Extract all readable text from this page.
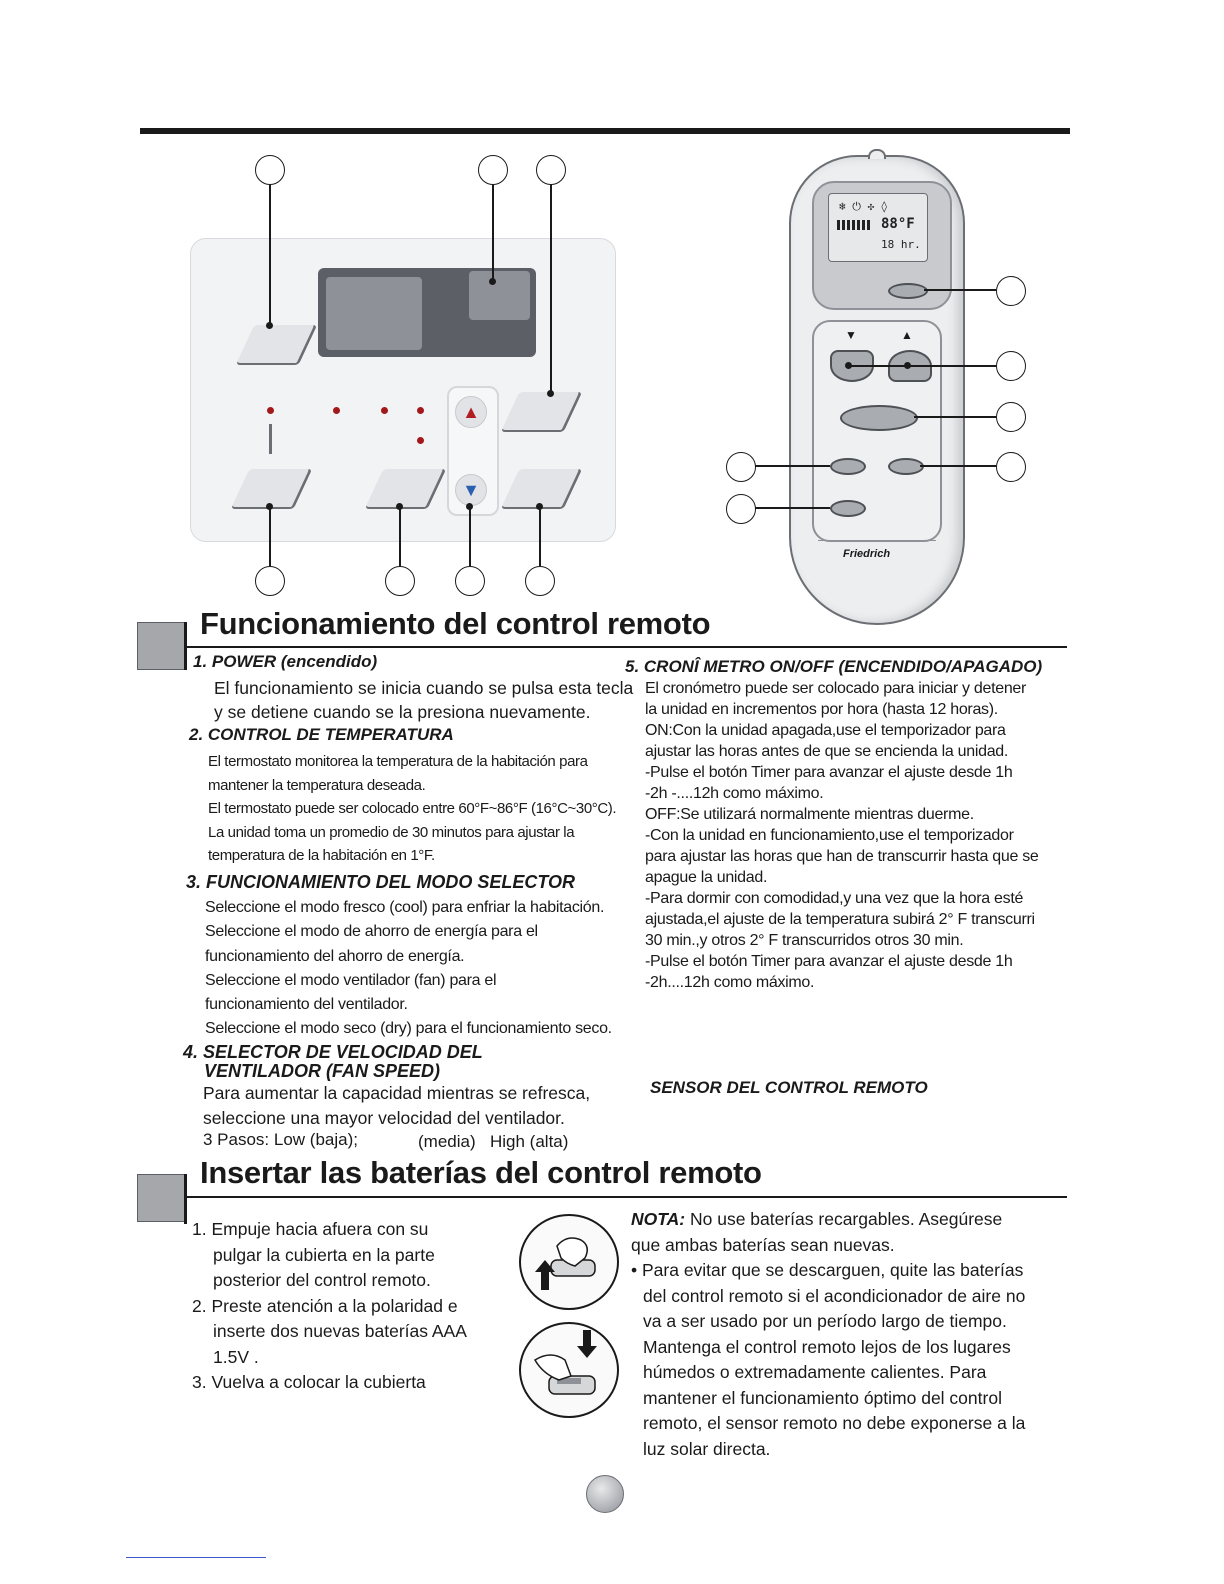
▲
▼
❄ ⏻ ✣ ◊
88°F
18 hr.
▼	▲
Friedrich
Funcionamiento del control remoto
1. POWER (encendido)
El funcionamiento se inicia cuando se pulsa esta tecla
y se detiene cuando se la presiona nuevamente.
2. CONTROL DE TEMPERATURA
El termostato monitorea la temperatura de la habitación para
mantener la temperatura deseada.
El termostato puede ser colocado entre 60°F~86°F (16°C~30°C).
La unidad toma un promedio de 30 minutos para ajustar la
temperatura de la habitación en 1°F.
3. FUNCIONAMIENTO DEL MODO SELECTOR
Seleccione el modo fresco (cool) para enfriar la habitación.
Seleccione el modo de ahorro de energía para el
funcionamiento del ahorro de energía.
Seleccione el modo ventilador (fan) para el
funcionamiento del ventilador.
Seleccione el modo seco (dry) para el funcionamiento seco.
4. SELECTOR DE VELOCIDAD DEL
VENTILADOR (FAN SPEED)
Para aumentar la capacidad mientras se refresca,
seleccione una mayor velocidad del ventilador.
3 Pasos: Low (baja);	(media) High (alta)
5. CRONÎ METRO ON/OFF (ENCENDIDO/APAGADO)
El cronómetro puede ser colocado para iniciar y detener
la unidad en incrementos por hora (hasta 12 horas).
ON:Con la unidad apagada,use el temporizador para
ajustar las horas antes de que se encienda la unidad.
-Pulse el botón Timer para avanzar el ajuste desde 1h
-2h -....12h como máximo.
OFF:Se utilizará normalmente mientras duerme.
-Con la unidad en funcionamiento,use el temporizador
para ajustar las horas que han de transcurrir hasta que se
apague la unidad.
-Para dormir con comodidad,y una vez que la hora esté
ajustada,el ajuste de la temperatura subirá 2° F transcurri
30 min.,y otros 2° F transcurridos otros 30 min.
-Pulse el botón Timer para avanzar el ajuste desde 1h
-2h....12h como máximo.
SENSOR DEL CONTROL REMOTO
Insertar las baterías del control remoto
1. Empuje hacia afuera con su
pulgar la cubierta en la parte
posterior del control remoto.
2. Preste atención a la polaridad e
inserte dos nuevas baterías AAA
1.5V .
3. Vuelva a colocar la cubierta
NOTA: No use baterías recargables. Asegúrese
que ambas baterías sean nuevas.
• Para evitar que se descarguen, quite las baterías
del control remoto si el acondicionador de aire no
va a ser usado por un período largo de tiempo.
Mantenga el control remoto lejos de los lugares
húmedos o extremadamente calientes. Para
mantener el funcionamiento óptimo del control
remoto, el sensor remoto no debe exponerse a la
luz solar directa.
